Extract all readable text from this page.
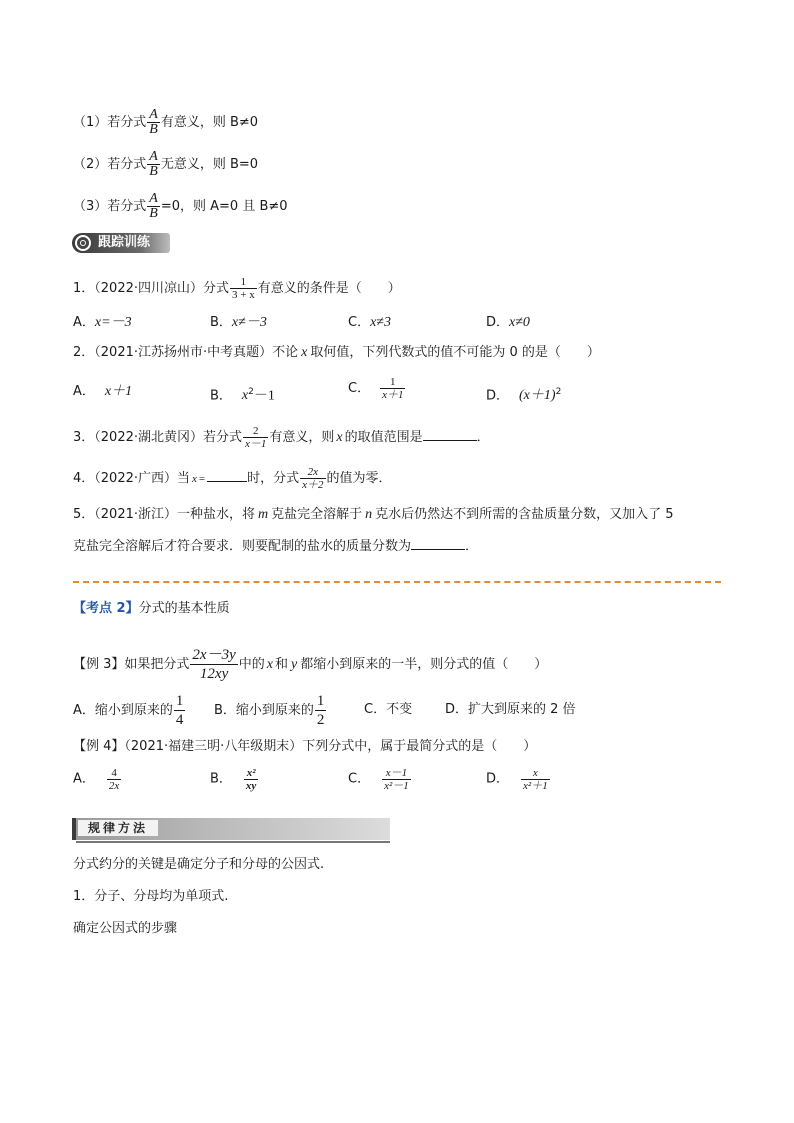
（1）若分式 $\frac{A}{B}$ 有意义，则 B≠0
（2）若分式 $\frac{A}{B}$ 无意义，则 B=0
（3）若分式 $\frac{A}{B} =0$，则 A=0 且 B≠0
跟踪训练
1．（2022·四川凉山）分式 $\frac{1}{3 + x}$ 有意义的条件是（　　）
A．x=－3	B．x≠－3	C．x≠3	D．x≠0
2．（2021·江苏扬州市·中考真题）不论 x 取何值，下列代数式的值不可能为 0 的是（　　）
A． x＋1	B． $x^2-1$	C． $\frac{1}{x+1}$	D． $(x+1)^2$
3．（2022·湖北黄冈）若分式 $\frac{2}{x-1}$ 有意义，则 x 的取值范围是	．
4．（2022·广西）当 x =	时，分式 $\frac{2x}{x+2}$ 的值为零．
5．（2021·浙江）一种盐水，将 m 克盐完全溶解于 n 克水后仍然达不到所需的含盐质量分数，又加入了 5
克盐完全溶解后才符合要求．则要配制的盐水的质量分数为	．
【考点 2】分式的基本性质
【例 3】如果把分式 $\frac{2x-3y}{12xy}$ 中的 x 和 y 都缩小到原来的一半，则分式的值（　　）
A．缩小到原来的 $\frac{1}{4}$ B．缩小到原来的 $\frac{1}{2}$	C．不变	D．扩大到原来的 2 倍
【例 4】（2021·福建三明·八年级期末）下列分式中，属于最简分式的是（　　）
A． $\frac{4}{2x}$	B． $\frac{\text{x²}}{xy}$	C． $\frac{x-1}{\text{x²－1}}$	D． $\frac{x}{\text{x²＋1}}$
规律方法
分式约分的关键是确定分子和分母的公因式.
1．分子、分母均为单项式.
确定公因式的步骤
